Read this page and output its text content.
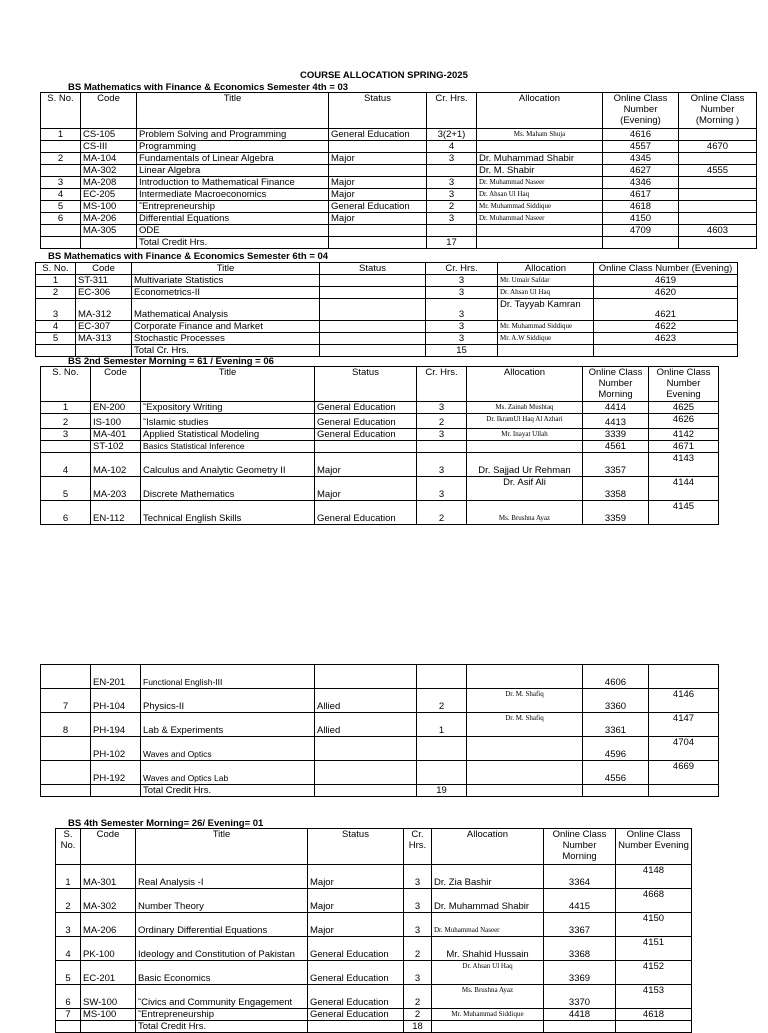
COURSE ALLOCATION SPRING-2025
BS Mathematics with Finance & Economics Semester 4th = 03
S. No.	Code	Title	Status	Cr. Hrs.	Allocation	Online Class Number (Evening)	Online Class Number (Morning )
1	CS-105	Problem Solving and Programming	General Education	3(2+1)	Ms. Maham Shuja	4616	
	CS-III	Programming		4		4557	4670
2	MA-104	Fundamentals of Linear Algebra	Major	3	Dr. Muhammad Shabir	4345	
	MA-302	Linear Algebra			Dr. M. Shabir	4627	4555
3	MA-208	Introduction to Mathematical Finance	Major	3	Dr. Muhammad Naseer	4346	
4	EC-205	Intermediate Macroeconomics	Major	3	Dr. Ahsan Ul Haq	4617	
5	MS-100	˜Entrepreneurship	General Education	2	Mr. Muhammad Siddique	4618	
6	MA-206	Differential Equations	Major	3	Dr. Muhammad Naseer	4150	
	MA-305	ODE				4709	4603
		Total Credit Hrs.		17			
BS Mathematics with Finance & Economics Semester 6th = 04
S. No.	Code	Title	Status	Cr. Hrs.	Allocation	Online Class Number (Evening)
1	ST-311	Multivariate Statistics		3	Mr. Umair Safdar	4619
2	EC-306	Econometrics-II		3	Dr. Ahsan Ul Haq	4620
3	MA-312	Mathematical Analysis		3	Dr. Tayyab Kamran	4621
4	EC-307	Corporate Finance and Market		3	Mr. Muhammad Siddique	4622
5	MA-313	Stochastic Processes		3	Mr. A.W Siddique	4623
		Total Cr. Hrs.		15		
BS 2nd Semester Morning = 61 / Evening = 06
S. No.	Code	Title	Status	Cr. Hrs.	Allocation	Online Class Number Morning	Online Class Number Evening
1	EN-200	˜Expository Writing	General Education	3	Ms. Zainab Mushtaq	4414	4625
2	IS-100	˜Islamic studies	General Education	2	Dr. IkramUl Haq Al Azhari	4413	4626
3	MA-401	Applied Statistical Modeling	General Education	3	Mr. Inayat Ullah	3339	4142
	ST-102	Basics Statistical Inference				4561	4671
4	MA-102	Calculus and Analytic Geometry II	Major	3	Dr. Sajjad Ur Rehman	3357	4143
5	MA-203	Discrete Mathematics	Major	3	Dr. Asif Ali	3358	4144
6	EN-112	Technical English Skills	General Education	2	Ms. Brushna Ayaz	3359	4145
	EN-201	Functional English-III				4606	
7	PH-104	Physics-II	Allied	2	Dr. M. Shafiq	3360	4146
8	PH-194	Lab & Experiments	Allied	1	Dr. M. Shafiq	3361	4147
	PH-102	Waves and Optics				4596	4704
	PH-192	Waves and Optics Lab				4556	4669
		Total Credit Hrs.		19			
BS 4th Semester Morning= 26/ Evening= 01
S. No.	Code	Title	Status	Cr. Hrs.	Allocation	Online Class Number Morning	Online Class Number Evening
1	MA-301	Real Analysis -I	Major	3	Dr. Zia Bashir	3364	4148
2	MA-302	Number Theory	Major	3	Dr. Muhammad Shabir	4415	4668
3	MA-206	Ordinary Differential Equations	Major	3	Dr. Muhammad Naseer	3367	4150
4	PK-100	Ideology and Constitution of Pakistan	General Education	2	Mr. Shahid Hussain	3368	4151
5	EC-201	Basic Economics	General Education	3	Dr. Ahsan Ul Haq	3369	4152
6	SW-100	˜Civics and Community Engagement	General Education	2	Ms. Brushna Ayaz	3370	4153
7	MS-100	˜Entrepreneurship	General Education	2	Mr. Muhammad Siddique	4418	4618
		Total Credit Hrs.		18			
